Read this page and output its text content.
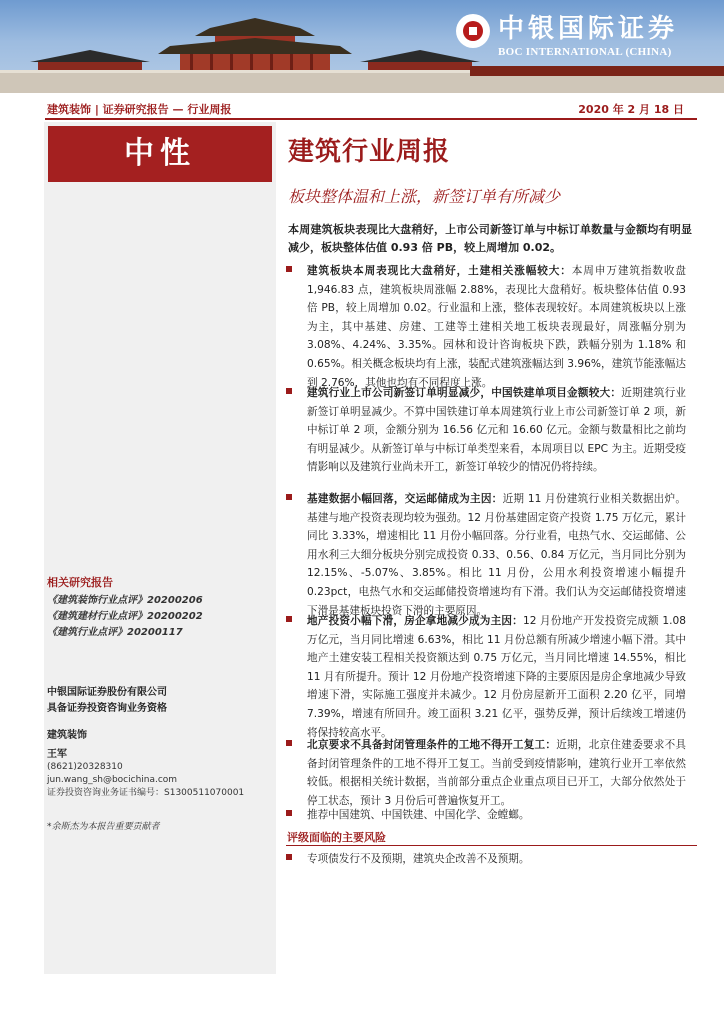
中银国际证券
BOC INTERNATIONAL (CHINA)
建筑装饰 | 证券研究报告 — 行业周报	2020 年 2 月 18 日
中性
相关研究报告
《建筑装饰行业点评》20200206
《建筑建材行业点评》20200202
《建筑行业点评》20200117
中银国际证券股份有限公司
具备证券投资咨询业务资格
建筑装饰
王军
(8621)20328310
jun.wang_sh@bocichina.com
证券投资咨询业务证书编号：S1300511070001
*余斯杰为本报告重要贡献者
建筑行业周报
板块整体温和上涨，新签订单有所减少
本周建筑板块表现比大盘稍好，上市公司新签订单与中标订单数量与金额均有明显减少，板块整体估值 0.93 倍 PB，较上周增加 0.02。
建筑板块本周表现比大盘稍好，土建相关涨幅较大：本周申万建筑指数收盘 1,946.83 点，建筑板块周涨幅 2.88%，表现比大盘稍好。板块整体估值 0.93 倍 PB，较上周增加 0.02。行业温和上涨，整体表现较好。本周建筑板块以上涨为主，其中基建、房建、工建等土建相关地工板块表现最好，周涨幅分别为 3.08%、4.24%、3.35%。园林和设计咨询板块下跌，跌幅分别为 1.18% 和 0.65%。相关概念板块均有上涨，装配式建筑涨幅达到 3.96%，建筑节能涨幅达到 2.76%，其他也均有不同程度上涨。
建筑行业上市公司新签订单明显减少，中国铁建单项目金额较大：近期建筑行业新签订单明显减少。不算中国铁建订单本周建筑行业上市公司新签订单 2 项，新中标订单 2 项，金额分别为 16.56 亿元和 16.60 亿元。金额与数量相比之前均有明显减少。从新签订单与中标订单类型来看，本周项目以 EPC 为主。近期受疫情影响以及建筑行业尚未开工，新签订单较少的情况仍将持续。
基建数据小幅回落，交运邮储成为主因：近期 11 月份建筑行业相关数据出炉。基建与地产投资表现均较为强劲。12 月份基建固定资产投资 1.75 万亿元，累计同比 3.33%，增速相比 11 月份小幅回落。分行业看，电热气水、交运邮储、公用水利三大细分板块分别完成投资 0.33、0.56、0.84 万亿元，当月同比分别为 12.15%、-5.07%、3.85%。相比 11 月份，公用水利投资增速小幅提升 0.23pct，电热气水和交运邮储投资增速均有下滑。我们认为交运邮储投资增速下滑是基建板块投资下滑的主要原因。
地产投资小幅下滑，房企拿地减少成为主因：12 月份地产开发投资完成额 1.08 万亿元，当月同比增速 6.63%，相比 11 月份总额有所减少增速小幅下滑。其中地产土建安装工程相关投资额达到 0.75 万亿元，当月同比增速 14.55%，相比 11 月有所提升。预计 12 月份地产投资增速下降的主要原因是房企拿地减少导致增速下滑，实际施工强度并未减少。12 月份房屋新开工面积 2.20 亿平，同增 7.39%，增速有所回升。竣工面积 3.21 亿平，强势反弹，预计后续竣工增速仍将保持较高水平。
北京要求不具备封闭管理条件的工地不得开工复工：近期，北京住建委要求不具备封闭管理条件的工地不得开工复工。当前受到疫情影响，建筑行业开工率依然较低。根据相关统计数据，当前部分重点企业重点项目已开工，大部分依然处于停工状态，预计 3 月份后可普遍恢复开工。
推荐中国建筑、中国铁建、中国化学、金螳螂。
评级面临的主要风险
专项债发行不及预期，建筑央企改善不及预期。
